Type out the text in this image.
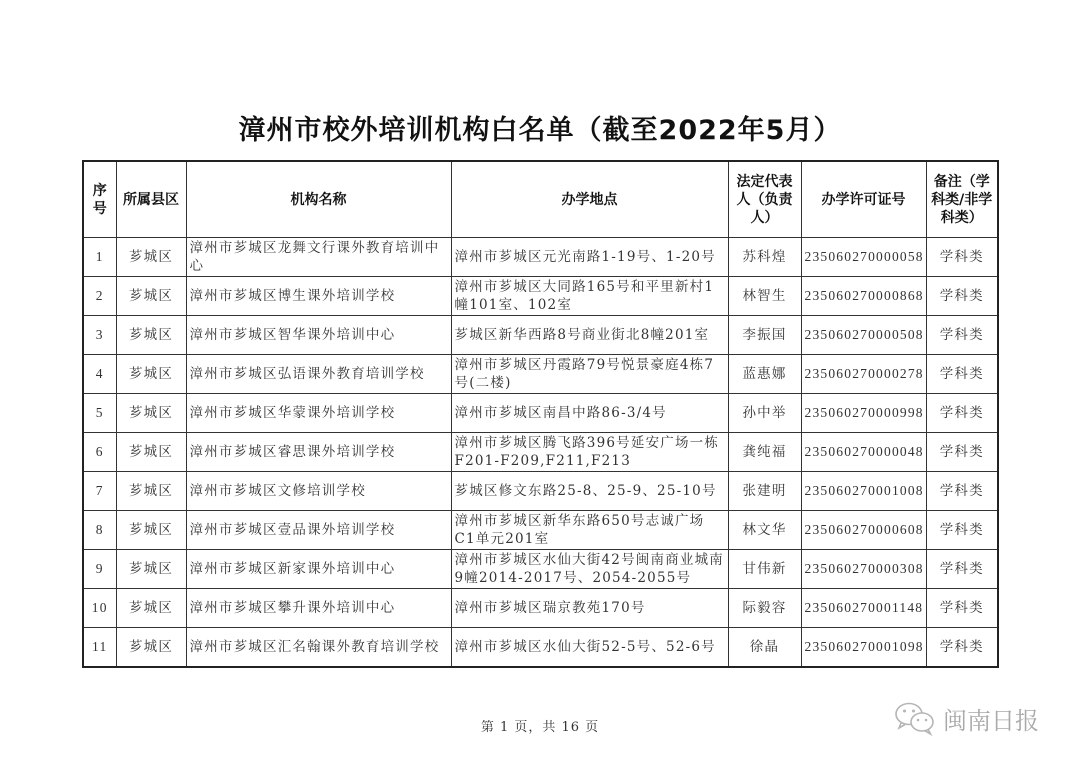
漳州市校外培训机构白名单（截至2022年5月）
序号	所属县区	机构名称	办学地点	法定代表人（负责人）	办学许可证号	备注（学科类/非学科类）
1	芗城区	漳州市芗城区龙舞文行课外教育培训中心	漳州市芗城区元光南路1-19号、1-20号	苏科煌	235060270000058	学科类
2	芗城区	漳州市芗城区博生课外培训学校	漳州市芗城区大同路165号和平里新村1幢101室、102室	林智生	235060270000868	学科类
3	芗城区	漳州市芗城区智华课外培训中心	芗城区新华西路8号商业街北8幢201室	李振国	235060270000508	学科类
4	芗城区	漳州市芗城区弘语课外教育培训学校	漳州市芗城区丹霞路79号悦景豪庭4栋7号(二楼)	蓝惠娜	235060270000278	学科类
5	芗城区	漳州市芗城区华蒙课外培训学校	漳州市芗城区南昌中路86-3/4号	孙中举	235060270000998	学科类
6	芗城区	漳州市芗城区睿思课外培训学校	漳州市芗城区腾飞路396号延安广场一栋F201-F209,F211,F213	龚纯福	235060270000048	学科类
7	芗城区	漳州市芗城区文修培训学校	芗城区修文东路25-8、25-9、25-10号	张建明	235060270001008	学科类
8	芗城区	漳州市芗城区壹品课外培训学校	漳州市芗城区新华东路650号志诚广场C1单元201室	林文华	235060270000608	学科类
9	芗城区	漳州市芗城区新家课外培训中心	漳州市芗城区水仙大街42号闽南商业城南9幢2014-2017号、2054-2055号	甘伟新	235060270000308	学科类
10	芗城区	漳州市芗城区攀升课外培训中心	漳州市芗城区瑞京教苑170号	际毅容	235060270001148	学科类
11	芗城区	漳州市芗城区汇名翰课外教育培训学校	漳州市芗城区水仙大街52-5号、52-6号	徐晶	235060270001098	学科类
第 1 页，共 16 页	闽南日报
